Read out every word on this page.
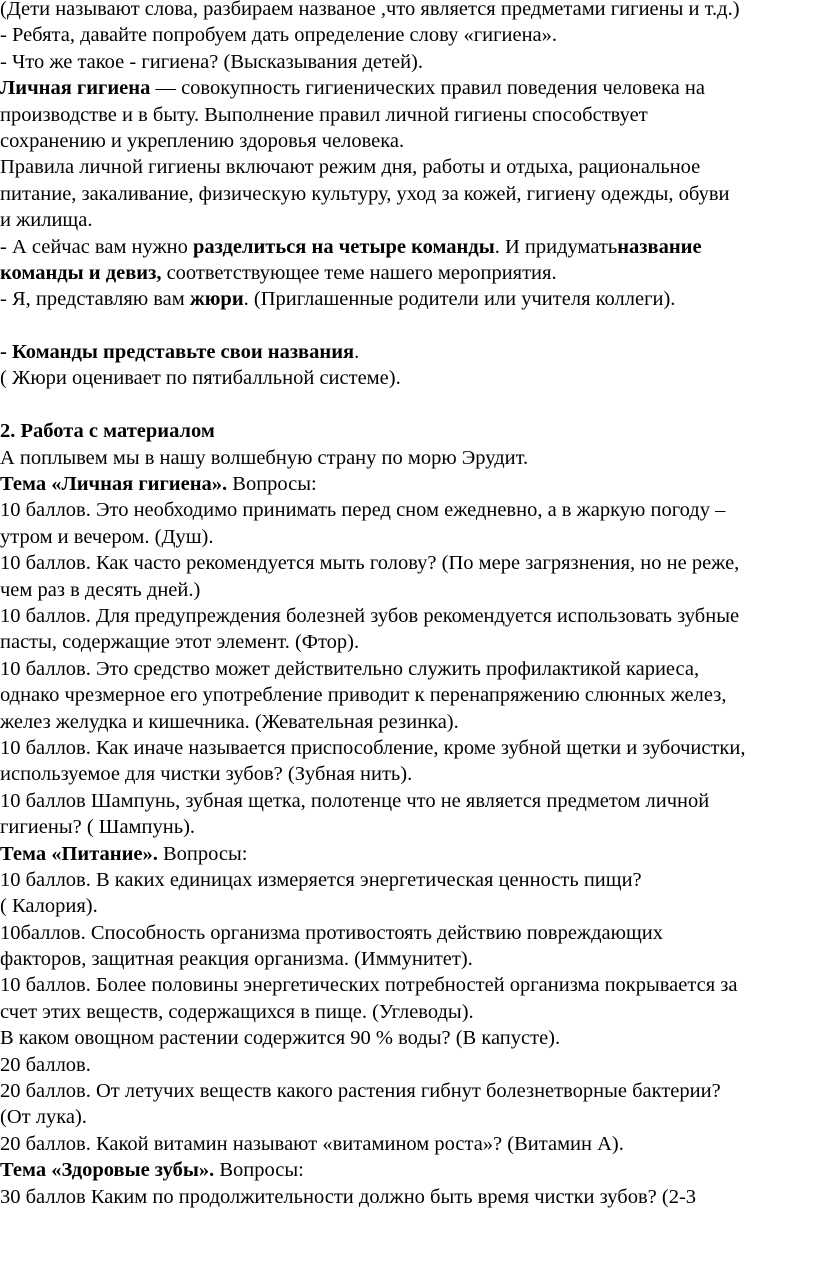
(Дети называют слова, разбираем названое ,что является предметами гигиены и т.д.)
- Ребята, давайте попробуем дать определение слову «гигиена».
- Что же такое - гигиена? (Высказывания детей).
Личная гигиена — совокупность гигиенических правил поведения человека на
производстве и в быту. Выполнение правил личной гигиены способствует
сохранению и укреплению здоровья человека.
Правила личной гигиены включают режим дня, работы и отдыха, рациональное
питание, закаливание, физическую культуру, уход за кожей, гигиену одежды, обуви
и жилища.
- А сейчас вам нужно разделиться на четыре команды. И придуматьназвание
команды и девиз, соответствующее теме нашего мероприятия.
- Я, представляю вам жюри. (Приглашенные родители или учителя коллеги).
- Команды представьте свои названия.
( Жюри оценивает по пятибалльной системе).
2. Работа с материалом
А поплывем мы в нашу волшебную страну по морю Эрудит.
Тема «Личная гигиена». Вопросы:
10 баллов. Это необходимо принимать перед сном ежедневно, а в жаркую погоду –
утром и вечером. (Душ).
10 баллов. Как часто рекомендуется мыть голову? (По мере загрязнения, но не реже,
чем раз в десять дней.)
10 баллов. Для предупреждения болезней зубов рекомендуется использовать зубные
пасты, содержащие этот элемент. (Фтор).
10 баллов. Это средство может действительно служить профилактикой кариеса,
однако чрезмерное его употребление приводит к перенапряжению слюнных желез,
желез желудка и кишечника. (Жевательная резинка).
10 баллов. Как иначе называется приспособление, кроме зубной щетки и зубочистки,
используемое для чистки зубов? (Зубная нить).
10 баллов Шампунь, зубная щетка, полотенце что не является предметом личной
гигиены? ( Шампунь).
Тема «Питание». Вопросы:
10 баллов. В каких единицах измеряется энергетическая ценность пищи?
( Калория).
10баллов. Способность организма противостоять действию повреждающих
факторов, защитная реакция организма. (Иммунитет).
10 баллов. Более половины энергетических потребностей организма покрывается за
счет этих веществ, содержащихся в пище. (Углеводы).
В каком овощном растении содержится 90 % воды? (В капусте).
20 баллов.
20 баллов. От летучих веществ какого растения гибнут болезнетворные бактерии?
(От лука).
20 баллов. Какой витамин называют «витамином роста»? (Витамин А).
Тема «Здоровые зубы». Вопросы:
30 баллов Каким по продолжительности должно быть время чистки зубов? (2-3
